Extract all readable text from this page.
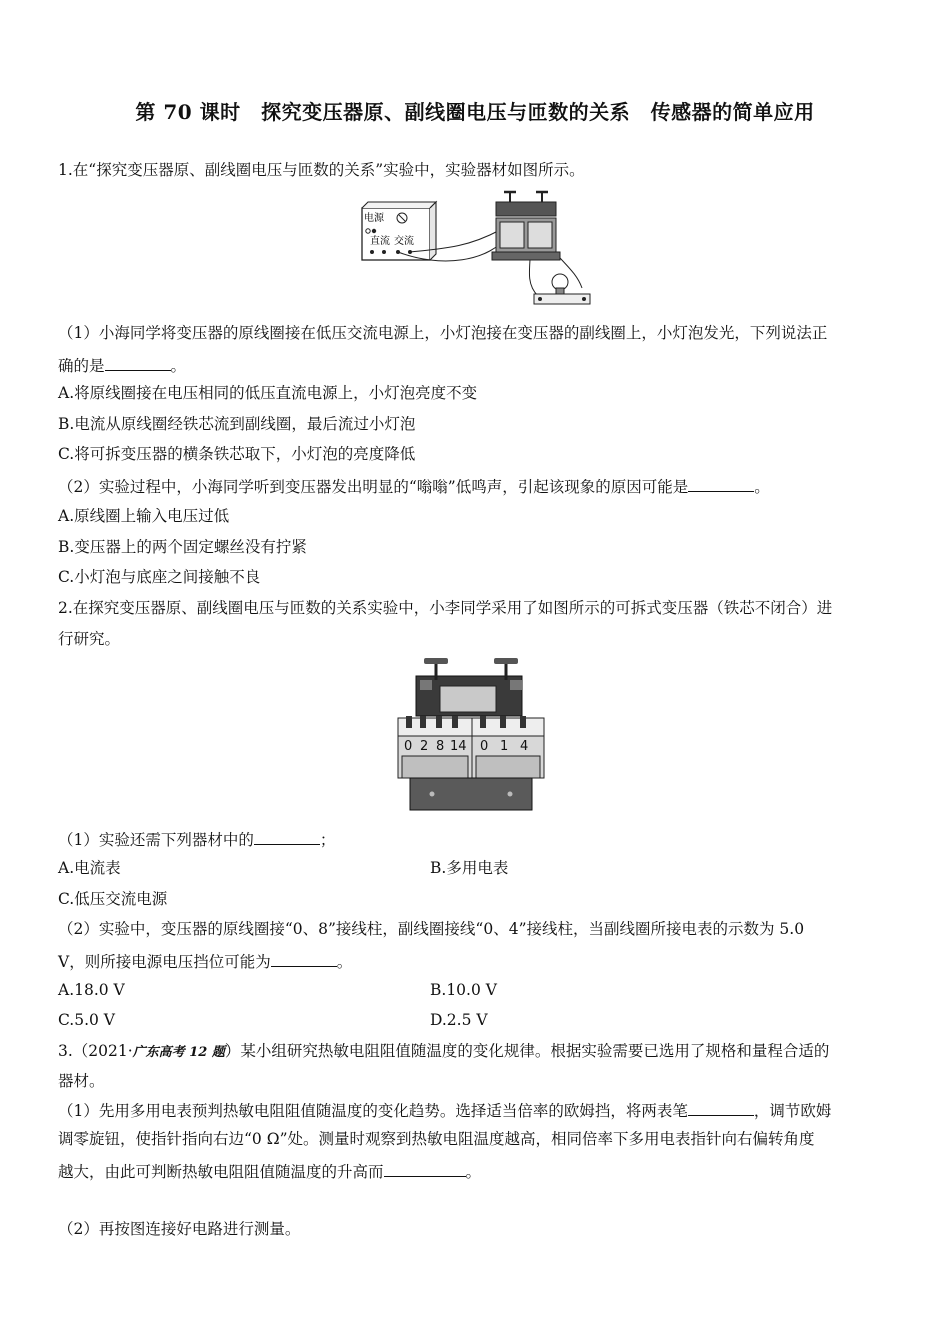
第 70 课时　探究变压器原、副线圈电压与匝数的关系　传感器的简单应用
1.在“探究变压器原、副线圈电压与匝数的关系”实验中，实验器材如图所示。
电源
直流 交流
（1）小海同学将变压器的原线圈接在低压交流电源上，小灯泡接在变压器的副线圈上，小灯泡发光，下列说法正
确的是	。
A.将原线圈接在电压相同的低压直流电源上，小灯泡亮度不变
B.电流从原线圈经铁芯流到副线圈，最后流过小灯泡
C.将可拆变压器的横条铁芯取下，小灯泡的亮度降低
（2）实验过程中，小海同学听到变压器发出明显的“嗡嗡”低鸣声，引起该现象的原因可能是	。
A.原线圈上输入电压过低
B.变压器上的两个固定螺丝没有拧紧
C.小灯泡与底座之间接触不良
2.在探究变压器原、副线圈电压与匝数的关系实验中，小李同学采用了如图所示的可拆式变压器（铁芯不闭合）进
行研究。
0 2 8 14 0 1 4
（1）实验还需下列器材中的	；
A.电流表	B.多用电表
C.低压交流电源
（2）实验中，变压器的原线圈接“0、8”接线柱，副线圈接线“0、4”接线柱，当副线圈所接电表的示数为 5.0
V，则所接电源电压挡位可能为	。
A.18.0 V	B.10.0 V
C.5.0 V	D.2.5 V
3.（2021·广东高考 12 题）某小组研究热敏电阻阻值随温度的变化规律。根据实验需要已选用了规格和量程合适的
器材。
（1）先用多用电表预判热敏电阻阻值随温度的变化趋势。选择适当倍率的欧姆挡，将两表笔	，调节欧姆
调零旋钮，使指针指向右边“0 Ω”处。测量时观察到热敏电阻温度越高，相同倍率下多用电表指针向右偏转角度
越大，由此可判断热敏电阻阻值随温度的升高而	。
（2）再按图连接好电路进行测量。
